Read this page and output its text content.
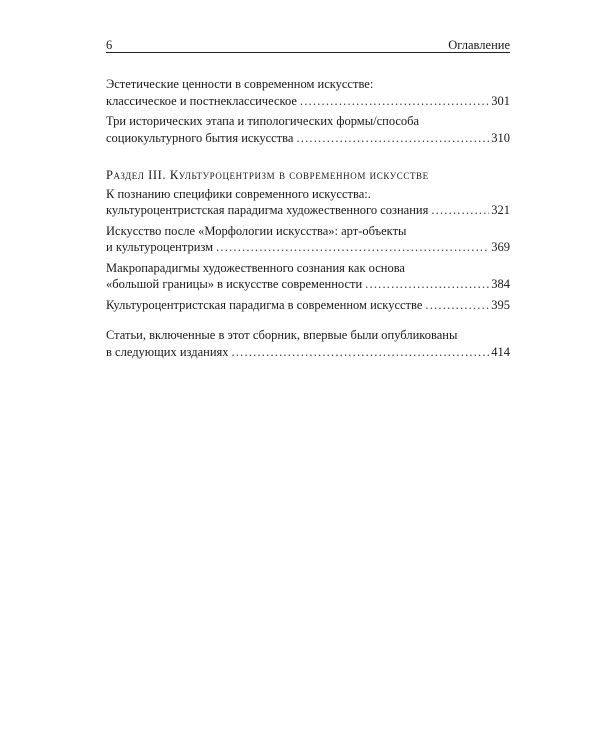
6	Оглавление
Эстетические ценности в современном искусстве:
классическое и постнеклассическое .....	301
Три исторических этапа и типологических формы/способа
социокультурного бытия искусства .....	310
Раздел III. Культуроцентризм в современном искусстве
К познанию специфики современного искусства:.
культуроцентристская парадигма художественного сознания .....	321
Искусство после «Морфологии искусства»: арт-объекты
и культуроцентризм .....	369
Макропарадигмы художественного сознания как основа
«большой границы» в искусстве современности .....	384
Культуроцентристская парадигма в современном искусстве .....	395
Статьи, включенные в этот сборник, впервые были опубликованы
в следующих изданиях .....	414
